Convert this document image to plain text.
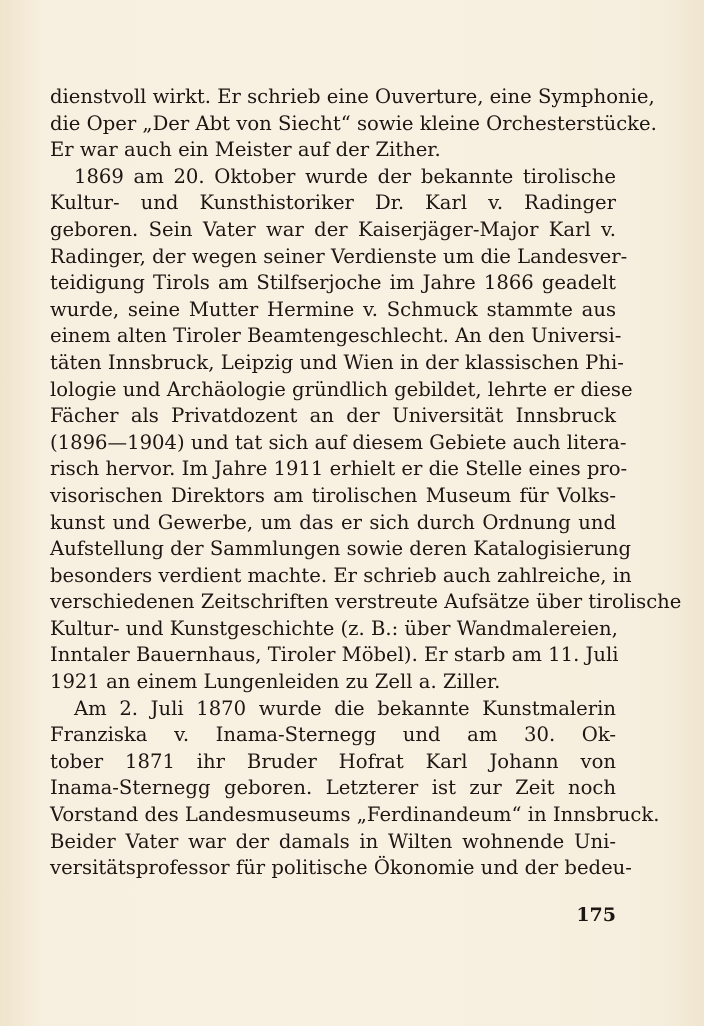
dienstvoll wirkt. Er schrieb eine Ouverture, eine Symphonie,
die Oper „Der Abt von Siecht“ sowie kleine Orchesterstücke.
Er war auch ein Meister auf der Zither.
1869 am 20. Oktober wurde der bekannte tirolische
Kultur- und Kunsthistoriker Dr. Karl v. Radinger
geboren. Sein Vater war der Kaiserjäger-Major Karl v.
Radinger, der wegen seiner Verdienste um die Landesver-
teidigung Tirols am Stilfserjoche im Jahre 1866 geadelt
wurde, seine Mutter Hermine v. Schmuck stammte aus
einem alten Tiroler Beamtengeschlecht. An den Universi-
täten Innsbruck, Leipzig und Wien in der klassischen Phi-
lologie und Archäologie gründlich gebildet, lehrte er diese
Fächer als Privatdozent an der Universität Innsbruck
(1896—1904) und tat sich auf diesem Gebiete auch litera-
risch hervor. Im Jahre 1911 erhielt er die Stelle eines pro-
visorischen Direktors am tirolischen Museum für Volks-
kunst und Gewerbe, um das er sich durch Ordnung und
Aufstellung der Sammlungen sowie deren Katalogisierung
besonders verdient machte. Er schrieb auch zahlreiche, in
verschiedenen Zeitschriften verstreute Aufsätze über tirolische
Kultur- und Kunstgeschichte (z. B.: über Wandmalereien,
Inntaler Bauernhaus, Tiroler Möbel). Er starb am 11. Juli
1921 an einem Lungenleiden zu Zell a. Ziller.
Am 2. Juli 1870 wurde die bekannte Kunstmalerin
Franziska v. Inama-Sternegg und am 30. Ok-
tober 1871 ihr Bruder Hofrat Karl Johann von
Inama-Sternegg geboren. Letzterer ist zur Zeit noch
Vorstand des Landesmuseums „Ferdinandeum“ in Innsbruck.
Beider Vater war der damals in Wilten wohnende Uni-
versitätsprofessor für politische Ökonomie und der bedeu-
175
